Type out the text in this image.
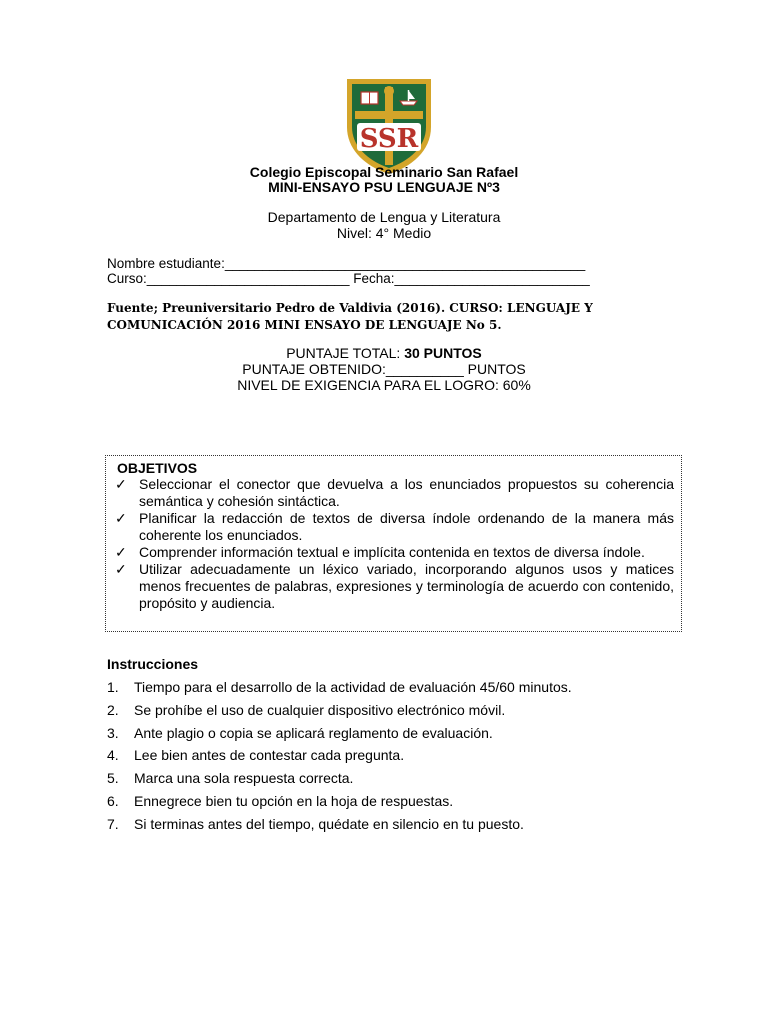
SSR
Colegio Episcopal Seminario San Rafael
MINI-ENSAYO PSU LENGUAJE Nº3
Departamento de Lengua y Literatura
Nivel: 4° Medio
Nombre estudiante:________________________________________________
Curso:___________________________ Fecha:__________________________
Fuente; Preuniversitario Pedro de Valdivia (2016). CURSO: LENGUAJE Y
COMUNICACIÓN 2016 MINI ENSAYO DE LENGUAJE No 5.
PUNTAJE TOTAL: 30 PUNTOS
PUNTAJE OBTENIDO:__________ PUNTOS
NIVEL DE EXIGENCIA PARA EL LOGRO: 60%
OBJETIVOS
✓ Seleccionar el conector que devuelva a los enunciados propuestos su coherencia semántica y cohesión sintáctica.
✓ Planificar la redacción de textos de diversa índole ordenando de la manera más coherente los enunciados.
✓ Comprender información textual e implícita contenida en textos de diversa índole.
✓ Utilizar adecuadamente un léxico variado, incorporando algunos usos y matices menos frecuentes de palabras, expresiones y terminología de acuerdo con contenido, propósito y audiencia.
Instrucciones
1. Tiempo para el desarrollo de la actividad de evaluación 45/60 minutos.
2. Se prohíbe el uso de cualquier dispositivo electrónico móvil.
3. Ante plagio o copia se aplicará reglamento de evaluación.
4. Lee bien antes de contestar cada pregunta.
5. Marca una sola respuesta correcta.
6. Ennegrece bien tu opción en la hoja de respuestas.
7. Si terminas antes del tiempo, quédate en silencio en tu puesto.
